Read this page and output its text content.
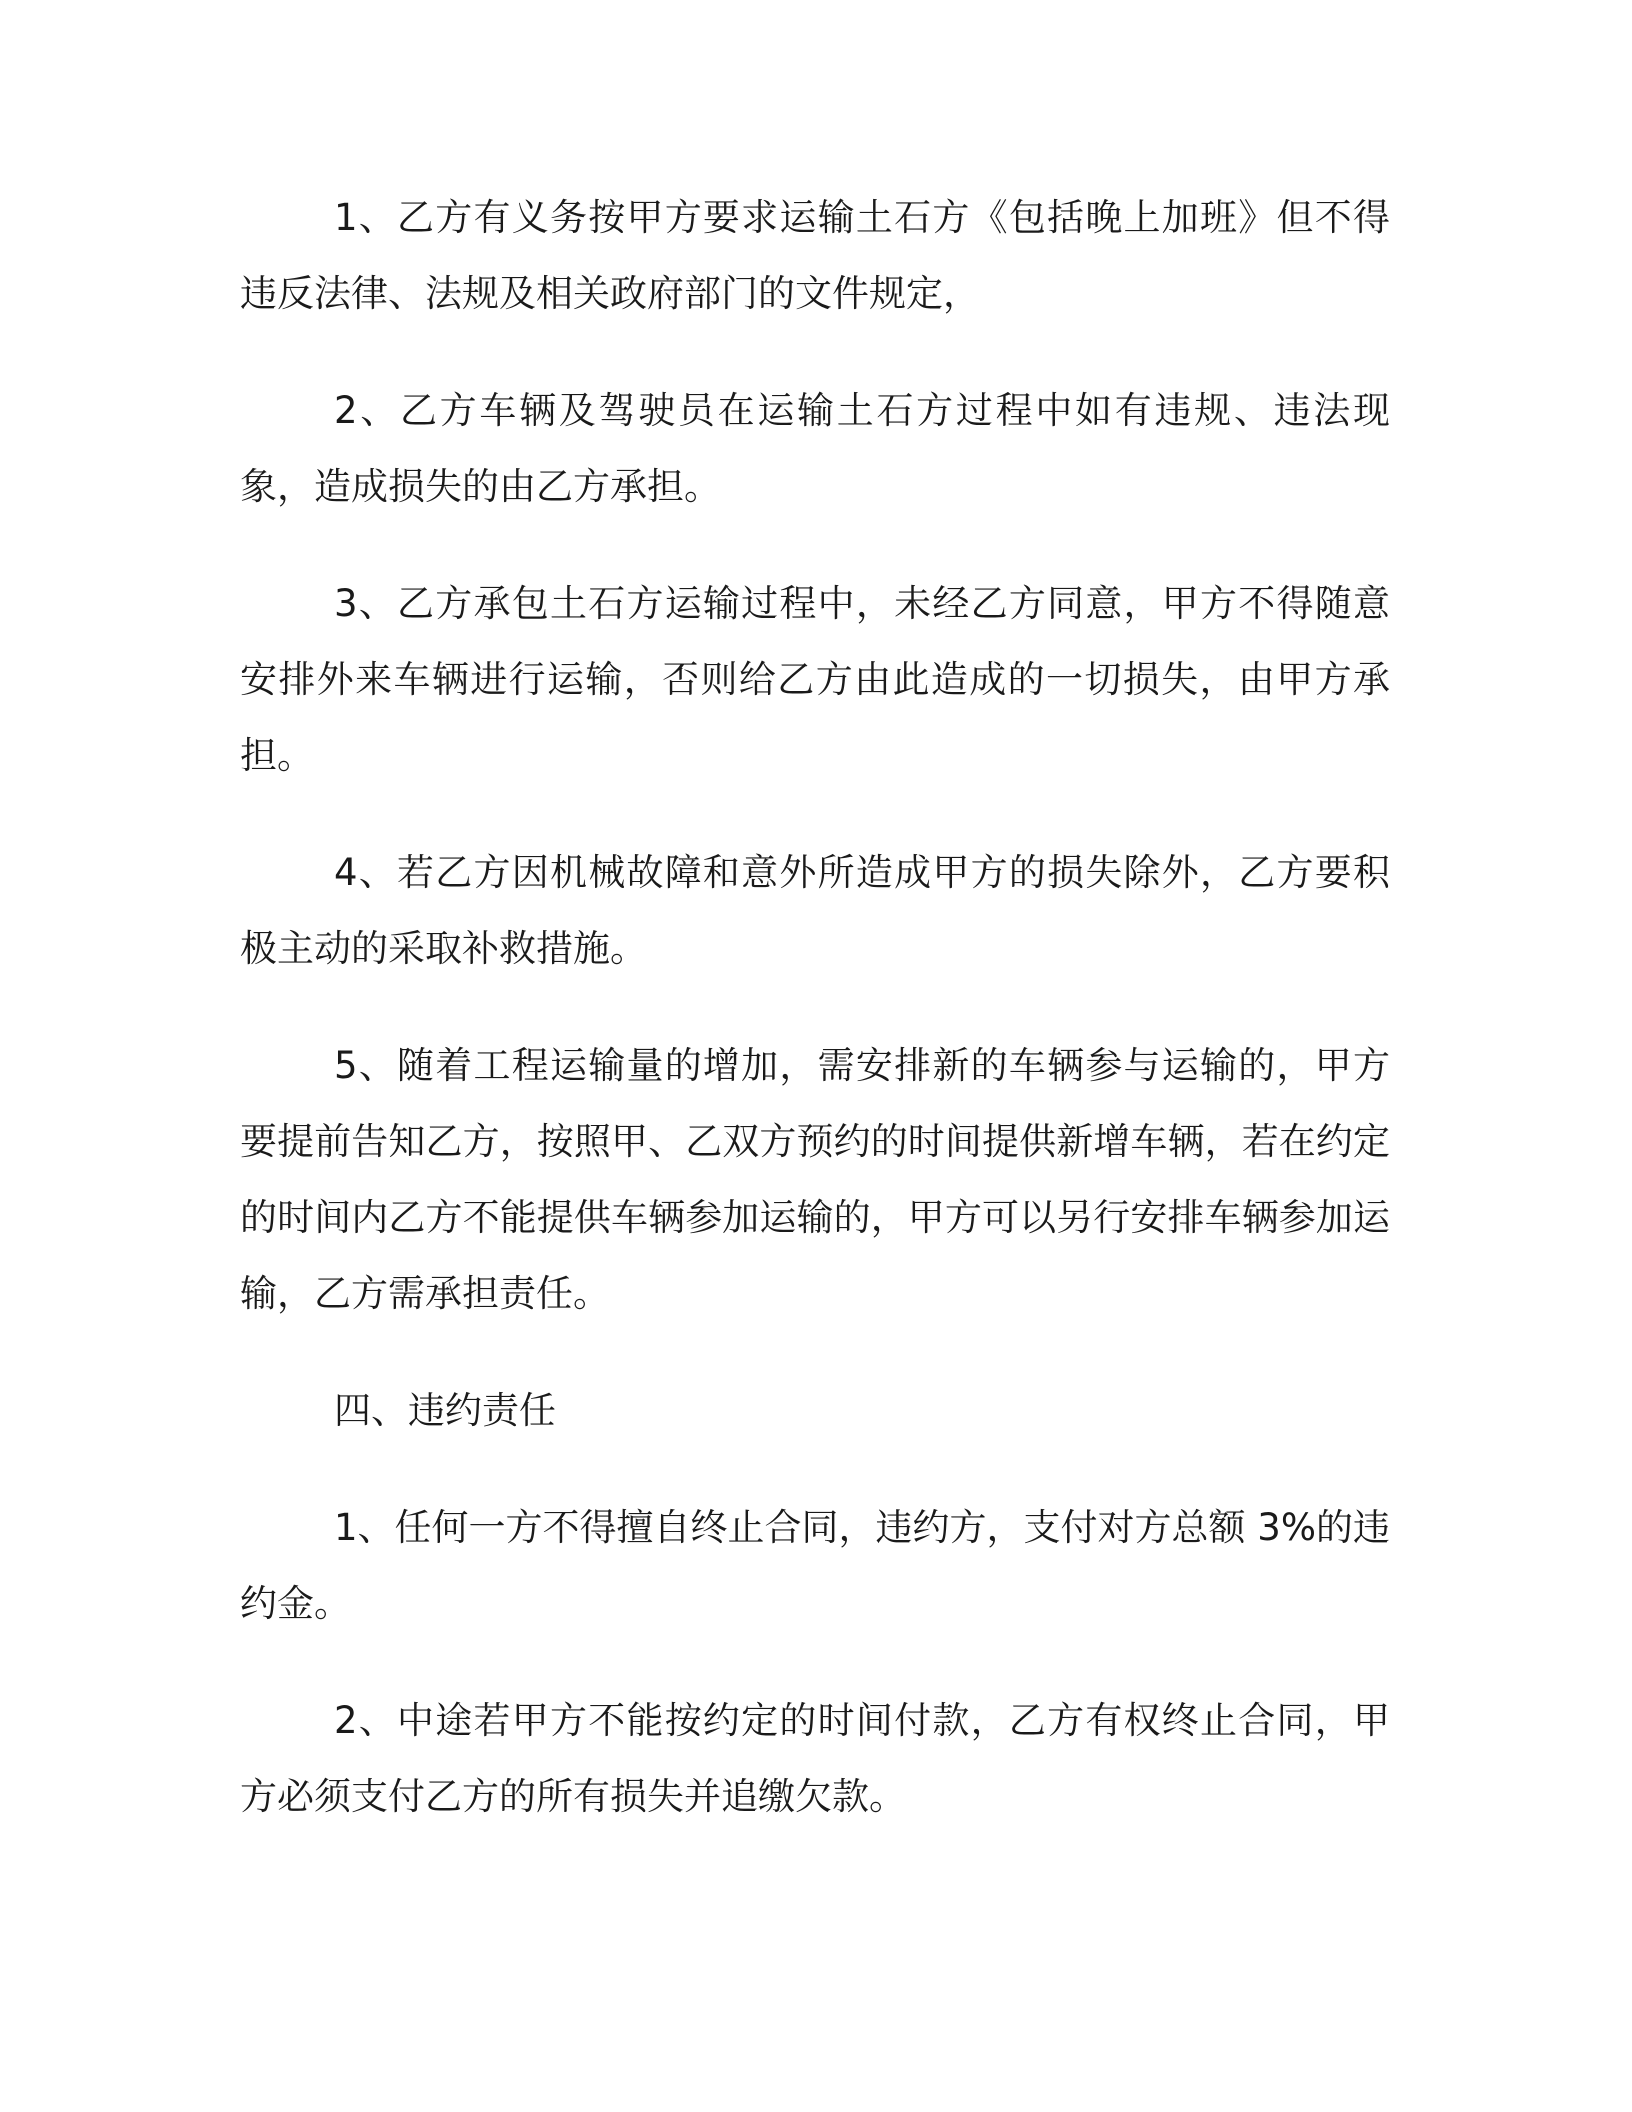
1、乙方有义务按甲方要求运输土石方《包括晚上加班》但不得违反法律、法规及相关政府部门的文件规定，

2、乙方车辆及驾驶员在运输土石方过程中如有违规、违法现象，造成损失的由乙方承担。

3、乙方承包土石方运输过程中，未经乙方同意，甲方不得随意安排外来车辆进行运输，否则给乙方由此造成的一切损失，由甲方承担。

4、若乙方因机械故障和意外所造成甲方的损失除外，乙方要积极主动的采取补救措施。

5、随着工程运输量的增加，需安排新的车辆参与运输的，甲方要提前告知乙方，按照甲、乙双方预约的时间提供新增车辆，若在约定的时间内乙方不能提供车辆参加运输的，甲方可以另行安排车辆参加运输，乙方需承担责任。

四、违约责任

1、任何一方不得擅自终止合同，违约方，支付对方总额 3%的违约金。

2、中途若甲方不能按约定的时间付款，乙方有权终止合同，甲方必须支付乙方的所有损失并追缴欠款。
